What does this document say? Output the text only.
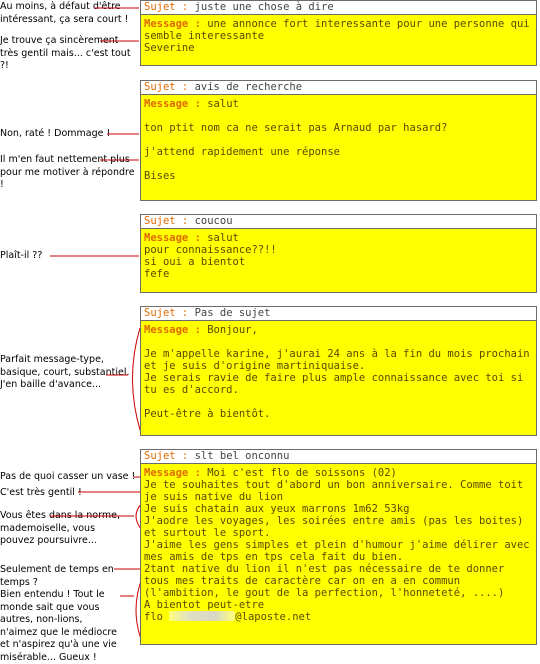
Au moins, à défaut d'être intéressant, ça sera court !
Je trouve ça sincèrement très gentil mais... c'est tout ?!
Non, raté ! Dommage !
Il m'en faut nettement plus pour me motiver à répondre !
Plaît-il ??
Parfait message-type, basique, court, substantiel. J'en baille d'avance...
Pas de quoi casser un vase !
C'est très gentil !
Vous êtes dans la norme, mademoiselle, vous pouvez poursuivre...
Seulement de temps en temps ?
Bien entendu ! Tout le monde sait que vous autres, non-lions, n'aimez que le médiocre et n'aspirez qu'à une vie misérable... Gueux !
Sujet : juste une chose à dire
Message : une annonce fort interessante pour une personne qui
semble interessante
Severine
Sujet : avis de recherche
Message : salut

ton ptit nom ca ne serait pas Arnaud par hasard?

j'attend rapidement une réponse

Bises
Sujet : coucou
Message : salut
pour connaissance??!!
si oui a bientot
fefe
Sujet : Pas de sujet
Message : Bonjour,

Je m'appelle karine, j'aurai 24 ans à la fin du mois prochain et je suis d'origine martiniquaise.
Je serais ravie de faire plus ample connaissance avec toi si tu es d'accord.

Peut-être à bientôt.
Sujet : slt bel onconnu
Message : Moi c'est flo de soissons (02)
Je te souhaites tout d'abord un bon anniversaire. Comme toit je suis native du lion
Je suis chatain aux yeux marrons 1m62 53kg
J'aodre les voyages, les soirées entre amis (pas les boites) et surtout le sport.
J'aime les gens simples et plein d'humour j'aime délirer avec mes amis de tps en tps cela fait du bien.
2tant native du lion il n'est pas nécessaire de te donner tous mes traits de caractère car on en a en commun (l'ambition, le gout de la perfection, l'honneteté, ....)
A bientot peut-etre
flo	@laposte.net
